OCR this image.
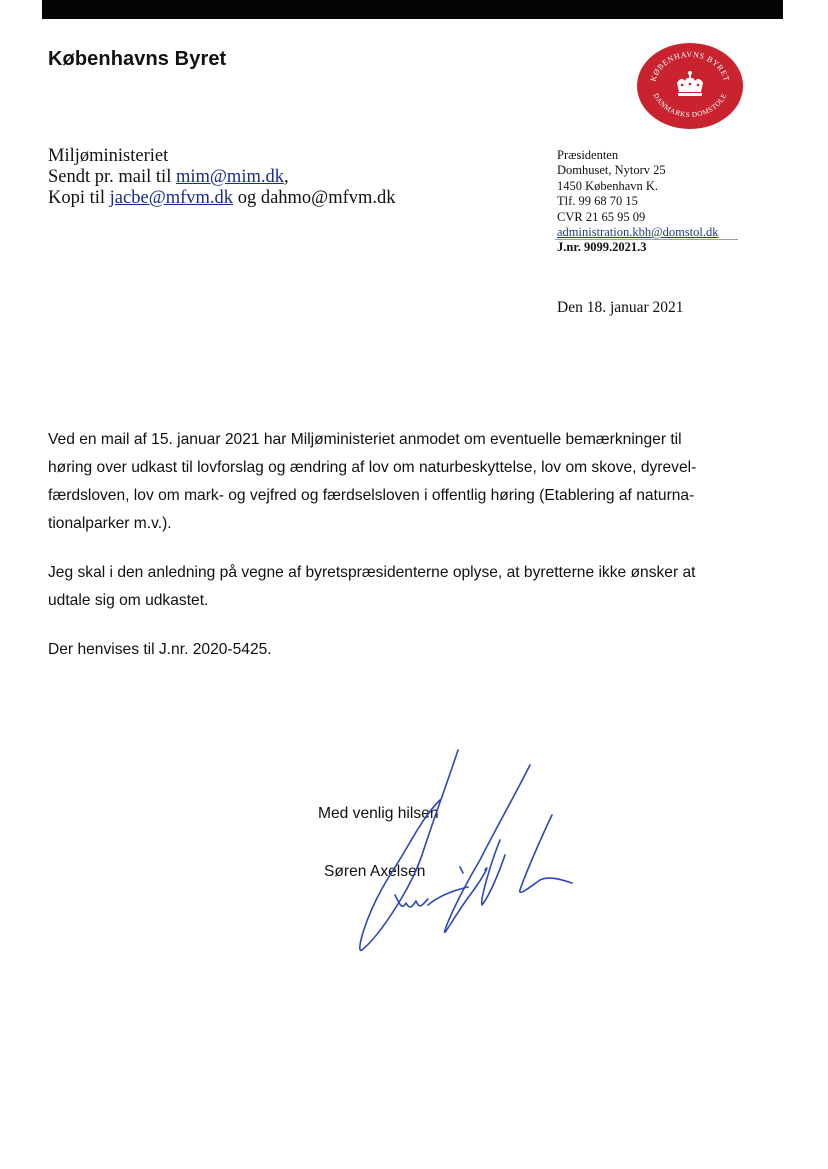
Københavns Byret
KØBENHAVNS BYRET
DANMARKS DOMSTOLE
Miljøministeriet
Sendt pr. mail til mim@mim.dk,
Kopi til jacbe@mfvm.dk og dahmo@mfvm.dk
Præsidenten
Domhuset, Nytorv 25
1450 København K.
Tlf. 99 68 70 15
CVR 21 65 95 09
administration.kbh@domstol.dk
J.nr. 9099.2021.3
Den 18. januar 2021

Ved en mail af 15. januar 2021 har Miljøministeriet anmodet om eventuelle bemærkninger til
høring over udkast til lovforslag og ændring af lov om naturbeskyttelse, lov om skove, dyrevel-
færdsloven, lov om mark- og vejfred og færdselsloven i offentlig høring (Etablering af naturna-
tionalparker m.v.).

Jeg skal i den anledning på vegne af byretspræsidenterne oplyse, at byretterne ikke ønsker at
udtale sig om udkastet.

Der henvises til J.nr. 2020-5425.

Med venlig hilsen
Søren Axelsen
